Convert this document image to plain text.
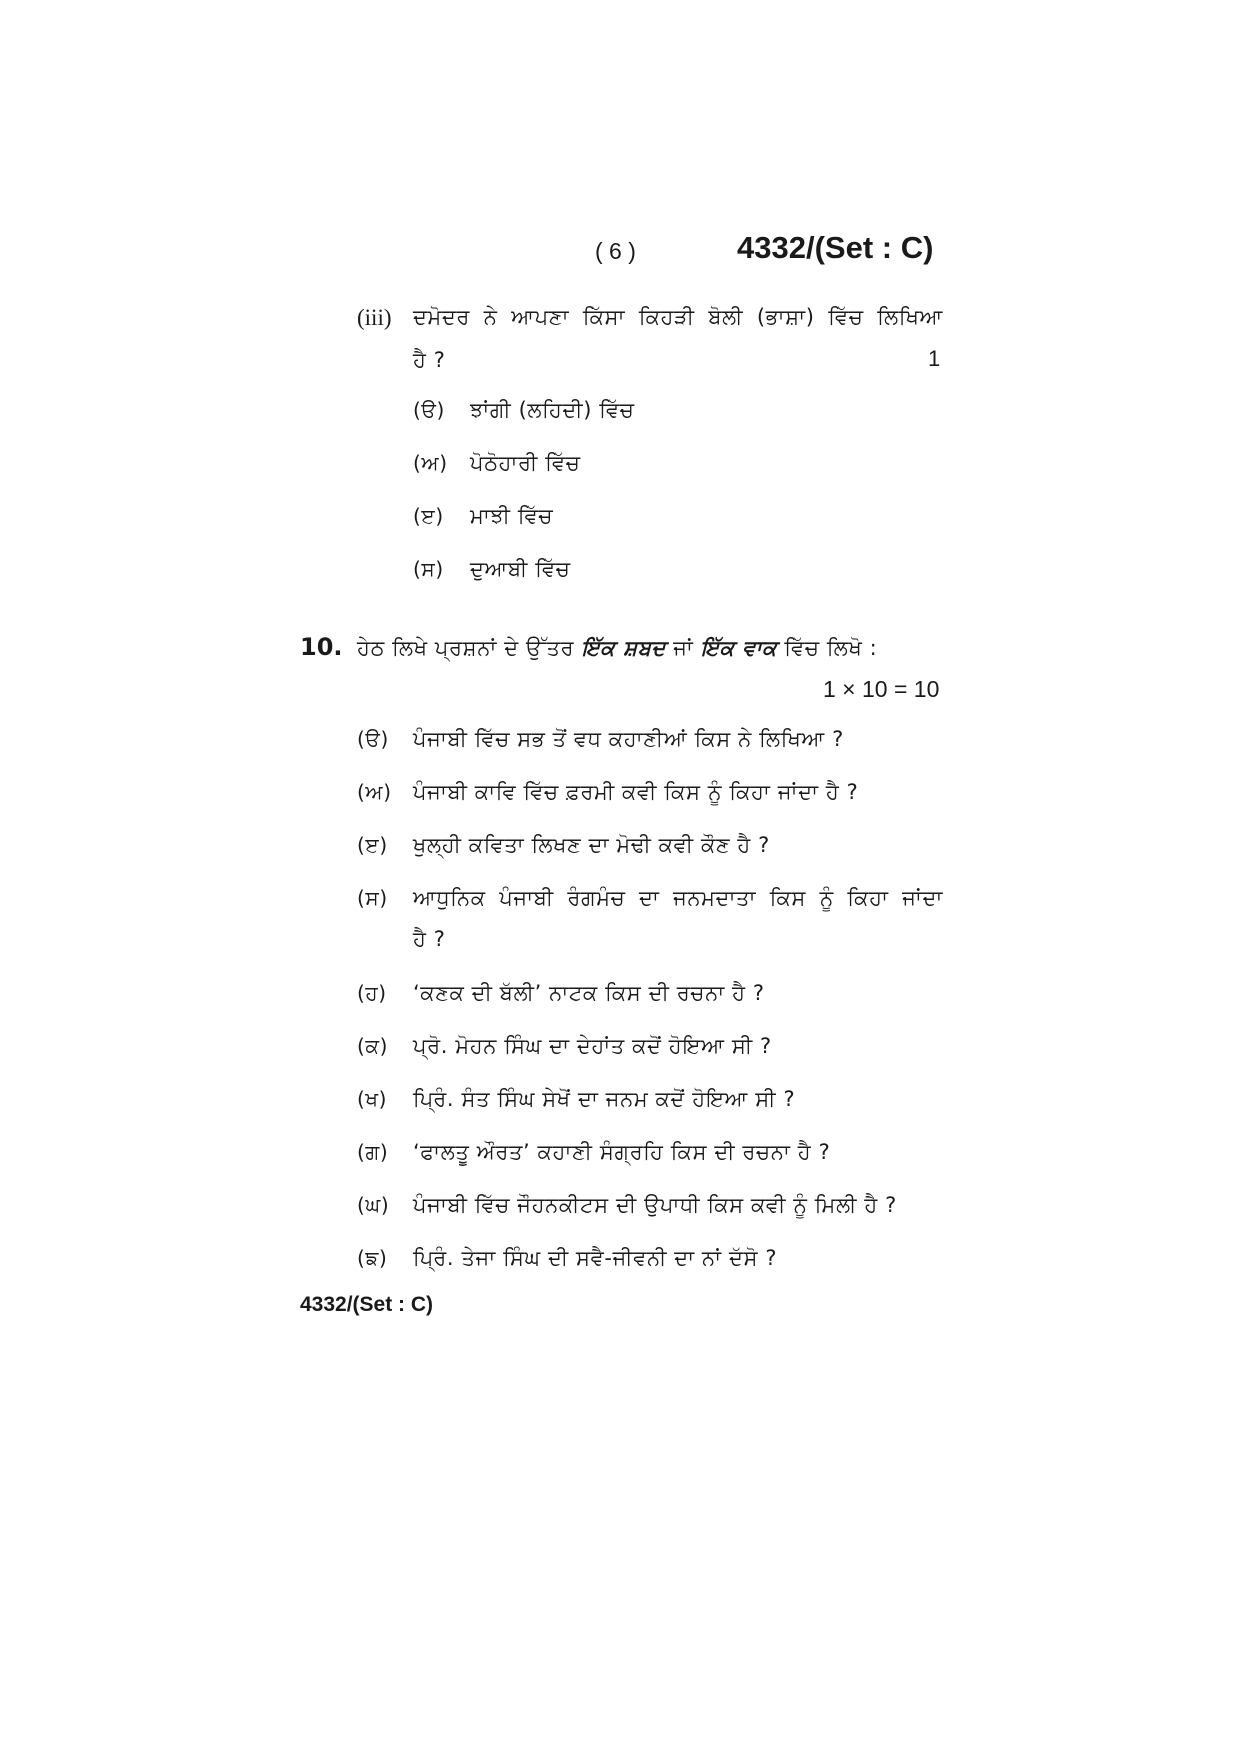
( 6 )	4332/(Set : C)
(iii) ਦਮੋਦਰ ਨੇ ਆਪਣਾ ਕਿੱਸਾ ਕਿਹੜੀ ਬੋਲੀ (ਭਾਸ਼ਾ) ਵਿੱਚ ਲਿਖਿਆ
ਹੈ ?	1
(ੳ) ਝਾਂਗੀ (ਲਹਿਦੀ) ਵਿੱਚ
(ਅ) ਪੋਠੋਹਾਰੀ ਵਿੱਚ
(ੲ) ਮਾਝੀ ਵਿੱਚ
(ਸ) ਦੁਆਬੀ ਵਿੱਚ
10. ਹੇਠ ਲਿਖੇ ਪ੍ਰਸ਼ਨਾਂ ਦੇ ਉੱਤਰ ਇੱਕ ਸ਼ਬਦ ਜਾਂ ਇੱਕ ਵਾਕ ਵਿੱਚ ਲਿਖੋ :
1 × 10 = 10
(ੳ) ਪੰਜਾਬੀ ਵਿੱਚ ਸਭ ਤੋਂ ਵਧ ਕਹਾਣੀਆਂ ਕਿਸ ਨੇ ਲਿਖਿਆ ?
(ਅ) ਪੰਜਾਬੀ ਕਾਵਿ ਵਿੱਚ ਫ਼ਰਮੀ ਕਵੀ ਕਿਸ ਨੂੰ ਕਿਹਾ ਜਾਂਦਾ ਹੈ ?
(ੲ) ਖੁਲ੍ਹੀ ਕਵਿਤਾ ਲਿਖਣ ਦਾ ਮੋਢੀ ਕਵੀ ਕੌਣ ਹੈ ?
(ਸ) ਆਧੁਨਿਕ ਪੰਜਾਬੀ ਰੰਗਮੰਚ ਦਾ ਜਨਮਦਾਤਾ ਕਿਸ ਨੂੰ ਕਿਹਾ ਜਾਂਦਾ
ਹੈ ?
(ਹ) ‘ਕਣਕ ਦੀ ਬੱਲੀ’ ਨਾਟਕ ਕਿਸ ਦੀ ਰਚਨਾ ਹੈ ?
(ਕ) ਪ੍ਰੋ. ਮੋਹਨ ਸਿੰਘ ਦਾ ਦੇਹਾਂਤ ਕਦੋਂ ਹੋਇਆ ਸੀ ?
(ਖ) ਪ੍ਰਿੰ. ਸੰਤ ਸਿੰਘ ਸੇਖੋਂ ਦਾ ਜਨਮ ਕਦੋਂ ਹੋਇਆ ਸੀ ?
(ਗ) ‘ਫਾਲਤੂ ਔਰਤ’ ਕਹਾਣੀ ਸੰਗ੍ਰਹਿ ਕਿਸ ਦੀ ਰਚਨਾ ਹੈ ?
(ਘ) ਪੰਜਾਬੀ ਵਿੱਚ ਜੌਹਨਕੀਟਸ ਦੀ ਉਪਾਧੀ ਕਿਸ ਕਵੀ ਨੂੰ ਮਿਲੀ ਹੈ ?
(ਙ) ਪ੍ਰਿੰ. ਤੇਜਾ ਸਿੰਘ ਦੀ ਸਵੈ-ਜੀਵਨੀ ਦਾ ਨਾਂ ਦੱਸੋ ?
4332/(Set : C)
